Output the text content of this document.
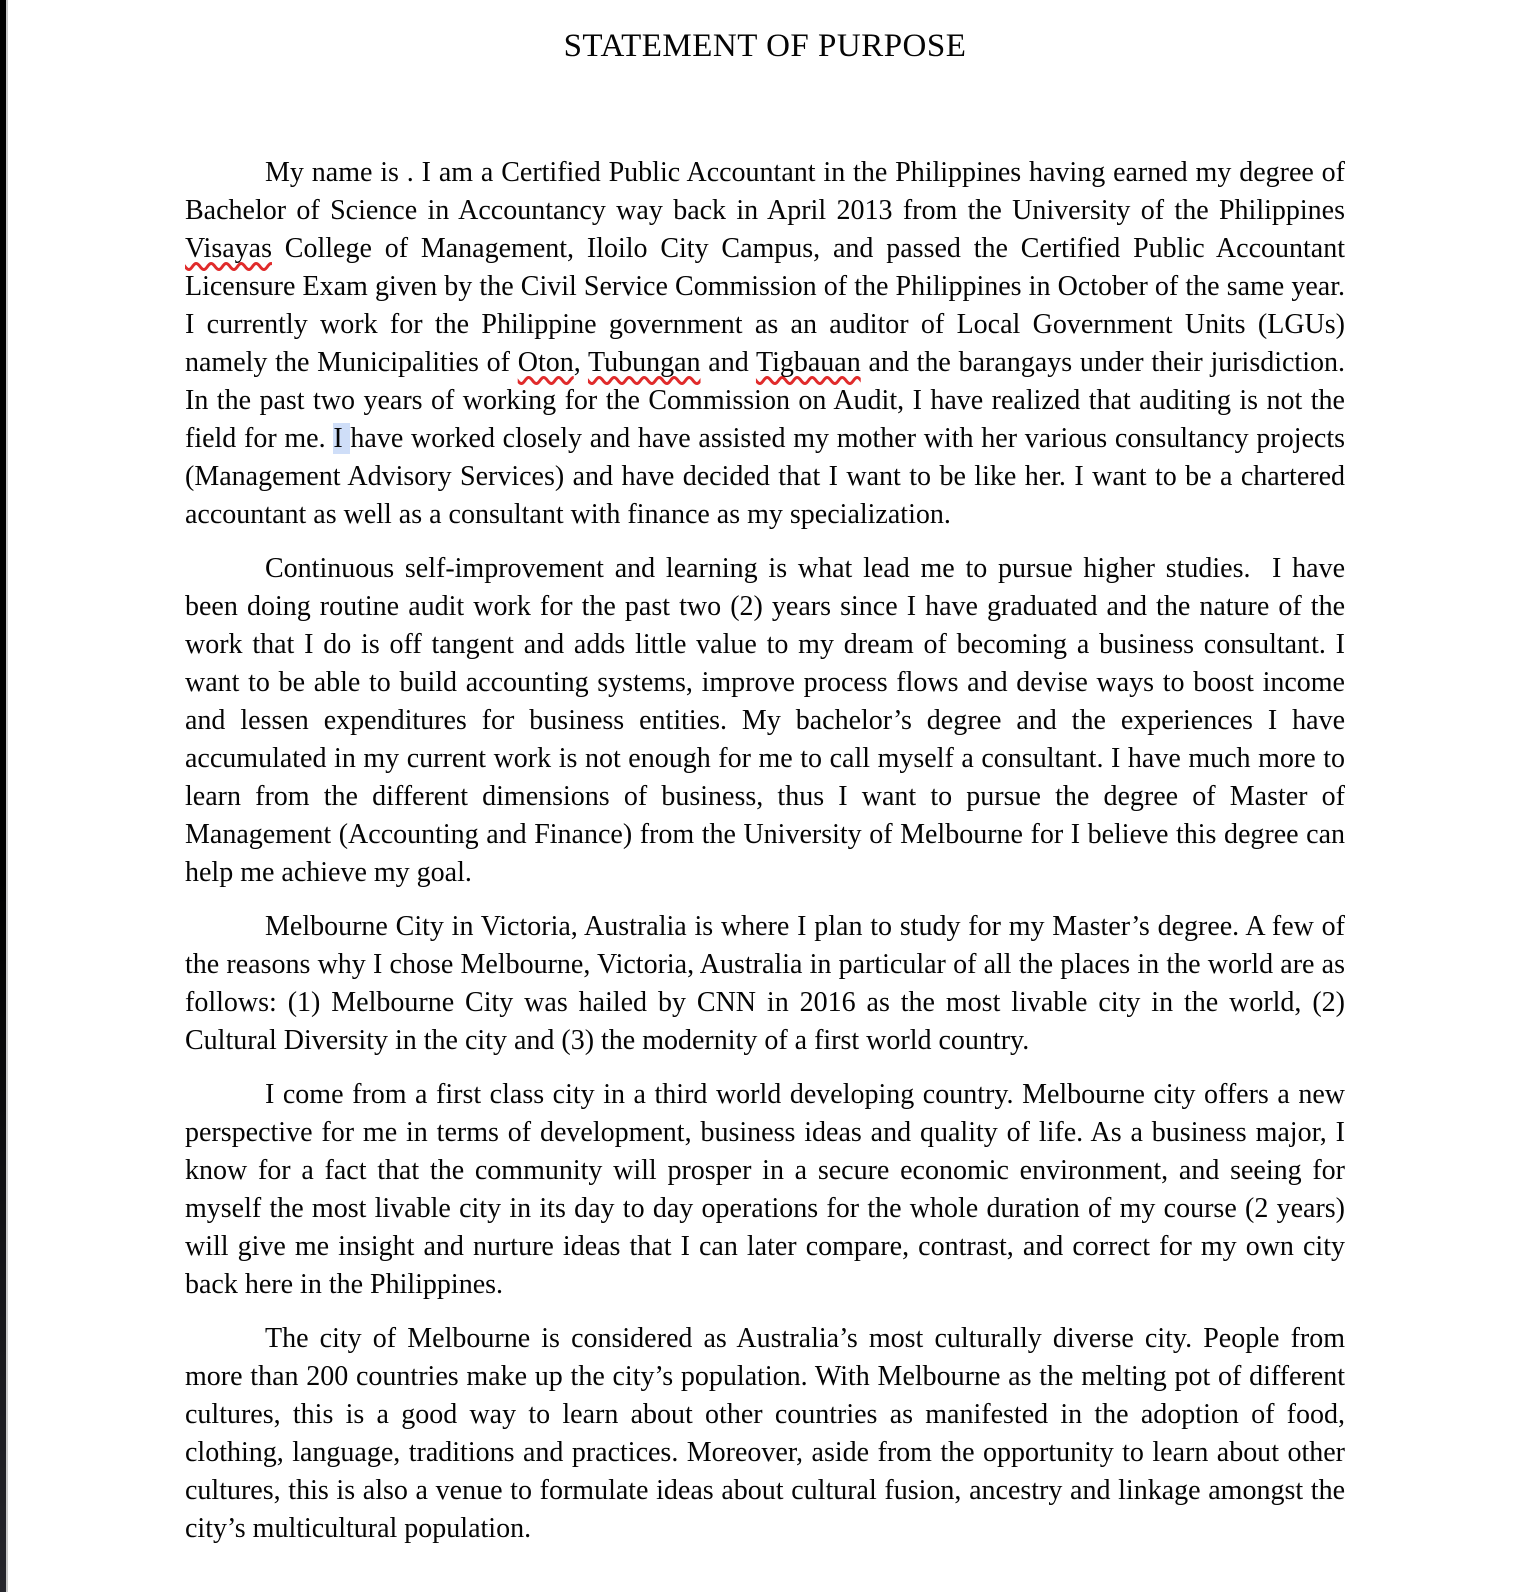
STATEMENT OF PURPOSE

My name is . I am a Certified Public Accountant in the Philippines having earned my degree of Bachelor of Science in Accountancy way back in April 2013 from the University of the Philippines Visayas College of Management, Iloilo City Campus, and passed the Certified Public Accountant Licensure Exam given by the Civil Service Commission of the Philippines in October of the same year. I currently work for the Philippine government as an auditor of Local Government Units (LGUs) namely the Municipalities of Oton, Tubungan and Tigbauan and the barangays under their jurisdiction. In the past two years of working for the Commission on Audit, I have realized that auditing is not the field for me. I have worked closely and have assisted my mother with her various consultancy projects (Management Advisory Services) and have decided that I want to be like her. I want to be a chartered accountant as well as a consultant with finance as my specialization.

Continuous self-improvement and learning is what lead me to pursue higher studies.  I have been doing routine audit work for the past two (2) years since I have graduated and the nature of the work that I do is off tangent and adds little value to my dream of becoming a business consultant. I want to be able to build accounting systems, improve process flows and devise ways to boost income and lessen expenditures for business entities. My bachelor’s degree and the experiences I have accumulated in my current work is not enough for me to call myself a consultant. I have much more to learn from the different dimensions of business, thus I want to pursue the degree of Master of Management (Accounting and Finance) from the University of Melbourne for I believe this degree can help me achieve my goal.

Melbourne City in Victoria, Australia is where I plan to study for my Master’s degree. A few of the reasons why I chose Melbourne, Victoria, Australia in particular of all the places in the world are as follows: (1) Melbourne City was hailed by CNN in 2016 as the most livable city in the world, (2) Cultural Diversity in the city and (3) the modernity of a first world country.

I come from a first class city in a third world developing country. Melbourne city offers a new perspective for me in terms of development, business ideas and quality of life. As a business major, I know for a fact that the community will prosper in a secure economic environment, and seeing for myself the most livable city in its day to day operations for the whole duration of my course (2 years) will give me insight and nurture ideas that I can later compare, contrast, and correct for my own city back here in the Philippines.

The city of Melbourne is considered as Australia’s most culturally diverse city. People from more than 200 countries make up the city’s population. With Melbourne as the melting pot of different cultures, this is a good way to learn about other countries as manifested in the adoption of food, clothing, language, traditions and practices. Moreover, aside from the opportunity to learn about other cultures, this is also a venue to formulate ideas about cultural fusion, ancestry and linkage amongst the city’s multicultural population.
